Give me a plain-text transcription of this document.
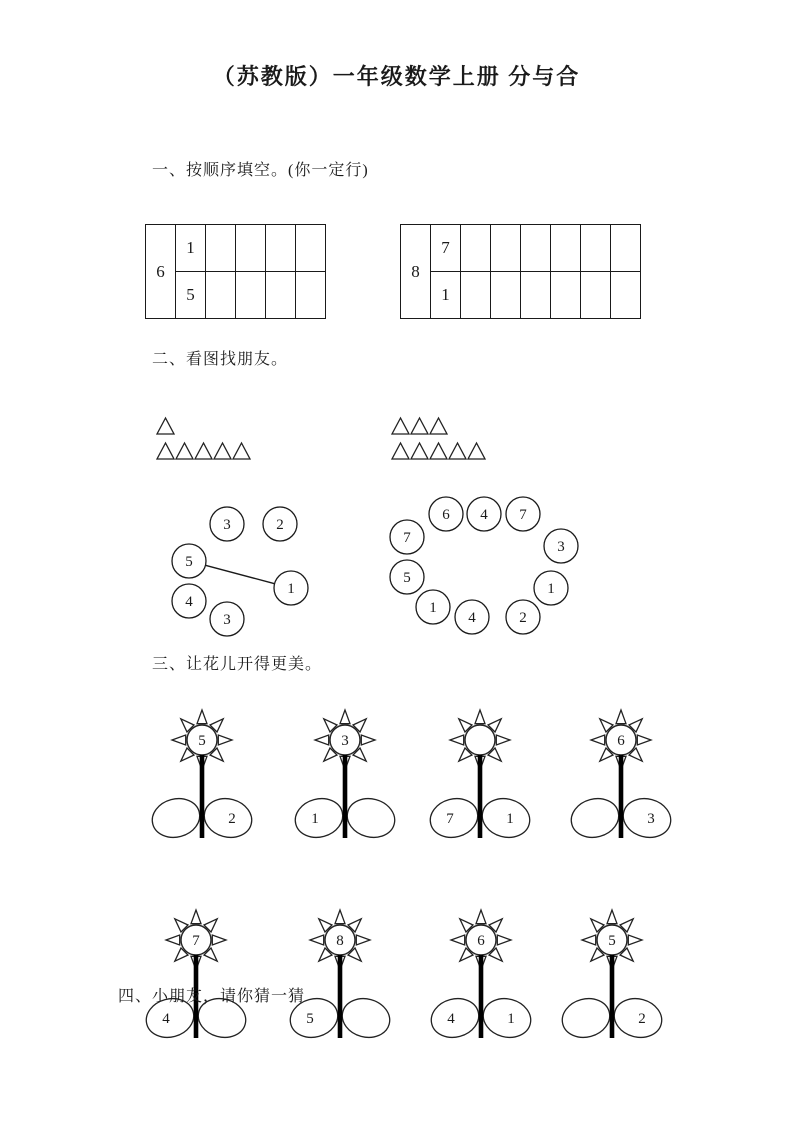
（苏教版）一年级数学上册 分与合
一、按顺序填空。(你一定行)
6	1				
	5				
8	7						
	1						
二、看图找朋友。
3	2
5
1
4
3
6 4 7
7
3
5
1
1
4	2
三、让花儿开得更美。
5
2
3
1	7	1
6
3
7
4
8
5
6
4	1
5
2
四、小朋友，请你猜一猜
